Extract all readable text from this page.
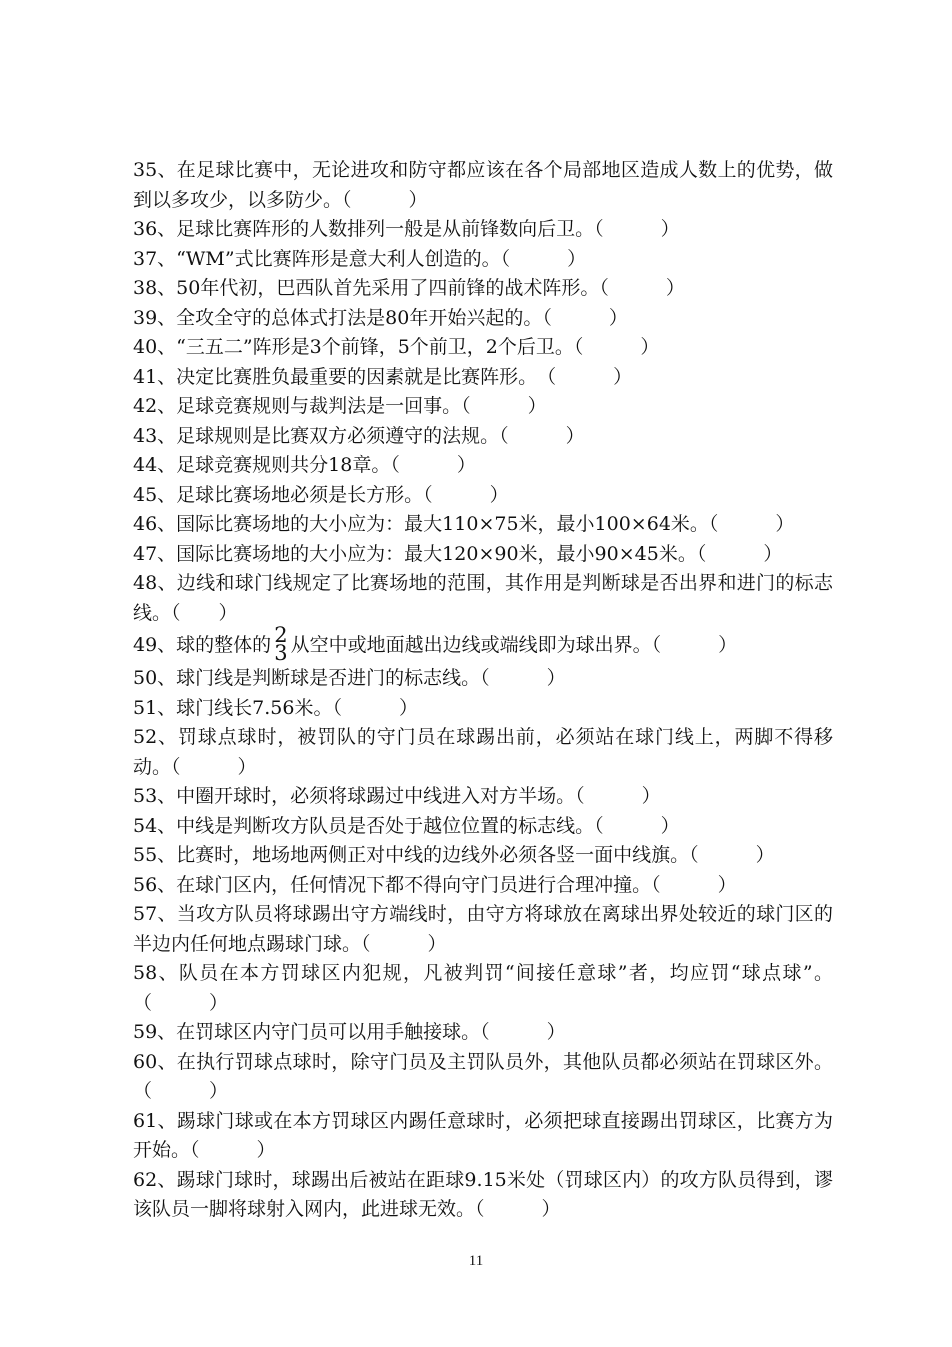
35、在足球比赛中，无论进攻和防守都应该在各个局部地区造成人数上的优势，做到以多攻少，以多防少。（　　　）

36、足球比赛阵形的人数排列一般是从前锋数向后卫。（　　　）

37、“WM”式比赛阵形是意大利人创造的。（　　　）

38、50年代初，巴西队首先采用了四前锋的战术阵形。（　　　）

39、全攻全守的总体式打法是80年开始兴起的。（　　　）

40、“三五二”阵形是3个前锋，5个前卫，2个后卫。（　　　）

41、决定比赛胜负最重要的因素就是比赛阵形。　（　　　）

42、足球竞赛规则与裁判法是一回事。（　　　）

43、足球规则是比赛双方必须遵守的法规。（　　　）

44、足球竞赛规则共分18章。（　　　）

45、足球比赛场地必须是长方形。（　　　）

46、国际比赛场地的大小应为：最大110×75米，最小100×64米。（　　　）

47、国际比赛场地的大小应为：最大120×90米，最小90×45米。（　　　）

48、边线和球门线规定了比赛场地的范围，其作用是判断球是否出界和进门的标志线。（　　）

49、球的整体的 2
3 从空中或地面越出边线或端线即为球出界。（　　　）

50、球门线是判断球是否进门的标志线。（　　　）

51、球门线长7.56米。（　　　）

52、罚球点球时，被罚队的守门员在球踢出前，必须站在球门线上，两脚不得移动。（　　　）

53、中圈开球时，必须将球踢过中线进入对方半场。（　　　）

54、中线是判断攻方队员是否处于越位位置的标志线。（　　　）

55、比赛时，地场地两侧正对中线的边线外必须各竖一面中线旗。（　　　）

56、在球门区内，任何情况下都不得向守门员进行合理冲撞。（　　　）

57、当攻方队员将球踢出守方端线时，由守方将球放在离球出界处较近的球门区的半边内任何地点踢球门球。（　　　）

58、队员在本方罚球区内犯规，凡被判罚“间接任意球”者，均应罚“球点球”。（　　　）

59、在罚球区内守门员可以用手触接球。（　　　）

60、在执行罚球点球时，除守门员及主罚队员外，其他队员都必须站在罚球区外。（　　　）

61、踢球门球或在本方罚球区内踢任意球时，必须把球直接踢出罚球区，比赛方为开始。（　　　）

62、踢球门球时，球踢出后被站在距球9.15米处（罚球区内）的攻方队员得到，谬该队员一脚将球射入网内，此进球无效。（　　　）

11
